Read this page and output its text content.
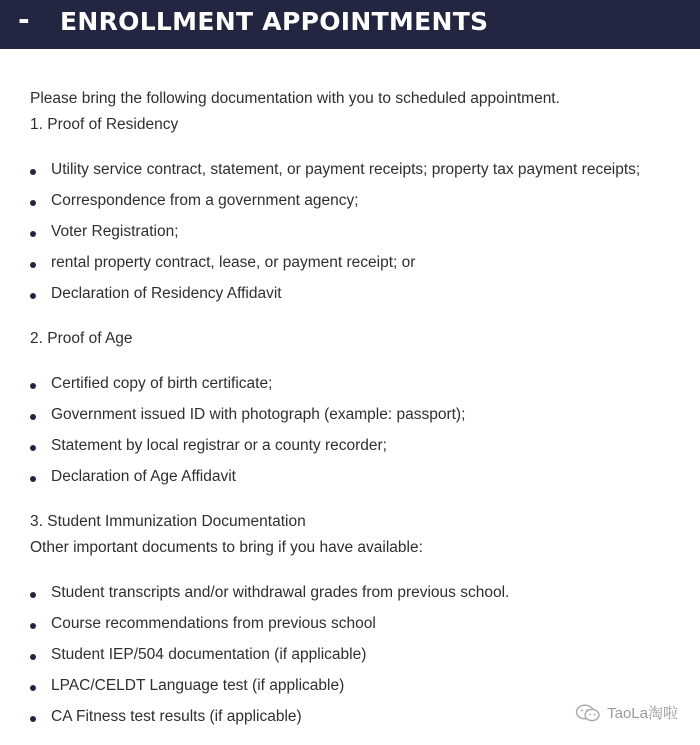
- ENROLLMENT APPOINTMENTS
Please bring the following documentation with you to scheduled appointment.
1. Proof of Residency
Utility service contract, statement, or payment receipts; property tax payment receipts;
Correspondence from a government agency;
Voter Registration;
rental property contract, lease, or payment receipt; or
Declaration of Residency Affidavit
2. Proof of Age
Certified copy of birth certificate;
Government issued ID with photograph (example: passport);
Statement by local registrar or a county recorder;
Declaration of Age Affidavit
3. Student Immunization Documentation
Other important documents to bring if you have available:
Student transcripts and/or withdrawal grades from previous school.
Course recommendations from previous school
Student IEP/504 documentation (if applicable)
LPAC/CELDT Language test (if applicable)
CA Fitness test results (if applicable)	TaoLa淘啦
